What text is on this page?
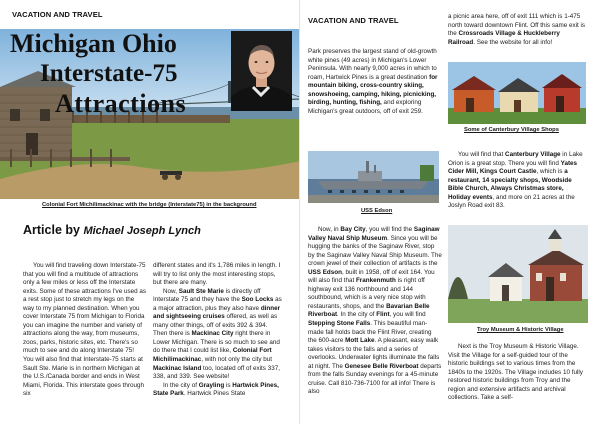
VACATION AND TRAVEL
Michigan Ohio
Interstate-75
Attractions
Colonial Fort Michilimackinac with the bridge (Interstate75) in the background
Article by Michael Joseph Lynch

You will find traveling down Interstate-75 that you will find a multitude of attractions only a few miles or less off the Interstate exits. Some of these attractions I've used as a rest stop just to stretch my legs on the way to my planned destination. When you cover Interstate 75 from Michigan to Florida you can imagine the number and variety of attractions along the way, from museums, zoos, parks, historic sites, etc. There's so much to see and do along Interstate 75! You will also find that Interstate-75 starts at Sault Ste. Marie is in northern Michigan at the U.S./Canada border and ends in West Miami, Florida. This interstate goes through six

different states and it's 1,786 miles in length. I will try to list only the most interesting stops, but there are many.

Now, Sault Ste Marie is directly off Interstate 75 and they have the Soo Locks as a major attraction, plus they also have dinner and sightseeing cruises offered, as well as many other things, off of exits 392 & 394. Then there is Mackinac City right there in Lower Michigan. There is so much to see and do there that I could list like, Colonial Fort Michilimackinac, with not only the city but Mackinac Island too, located off of exits 337, 338, and 339. See website!

In the city of Grayling is Hartwick Pines, State Park. Hartwick Pines State

VACATION AND TRAVEL

Park preserves the largest stand of old-growth white pines (49 acres) in Michigan's Lower Peninsula. With nearly 9,000 acres in which to roam, Hartwick Pines is a great destination for mountain biking, cross-country skiing, snowshoeing, camping, hiking, picnicking, birding, hunting, fishing, and exploring Michigan's great outdoors, off of exit 259.

USS Edson

Now, in Bay City, you will find the Saginaw Valley Naval Ship Museum. Since you will be hugging the banks of the Saginaw River, stop by the Saginaw Valley Naval Ship Museum. The crown jewel of their collection of artifacts is the USS Edson, built in 1958, off of exit 164. You will also find that Frankenmuth is right off highway exit 136 northbound and 144 southbound, which is a very nice stop with restaurants, shops, and the Bavarian Belle Riverboat. In the city of Flint, you will find Stepping Stone Falls. This beautiful man-made fall holds back the Flint River, creating the 600-acre Mott Lake. A pleasant, easy walk takes visitors to the falls and a series of overlooks. Underwater lights illuminate the falls at night. The Genesee Belle Riverboat departs from the falls Sunday evenings for a 45-minute cruise. Call 810-736-7100 for all info! There is also

a picnic area here, off of exit 111 which is 1-475 north toward downtown Flint. Off this same exit is the Crossroads Village & Huckleberry Railroad. See the website for all info!

Some of Canterbury Village Shops

You will find that Canterbury Village in Lake Orion is a great stop. There you will find Yates Cider Mill, Kings Court Castle, which is a restaurant, 14 specialty shops, Woodside Bible Church, Always Christmas store, Holiday events, and more on 21 acres at the Joslyn Road exit 83.

Troy Museum & Historic Village

Next is the Troy Museum & Historic Village. Visit the Village for a self-guided tour of the historic buildings set to various times from the 1840s to the 1920s. The Village includes 10 fully restored historic buildings from Troy and the region and extensive artifacts and archival collections. Take a self-
